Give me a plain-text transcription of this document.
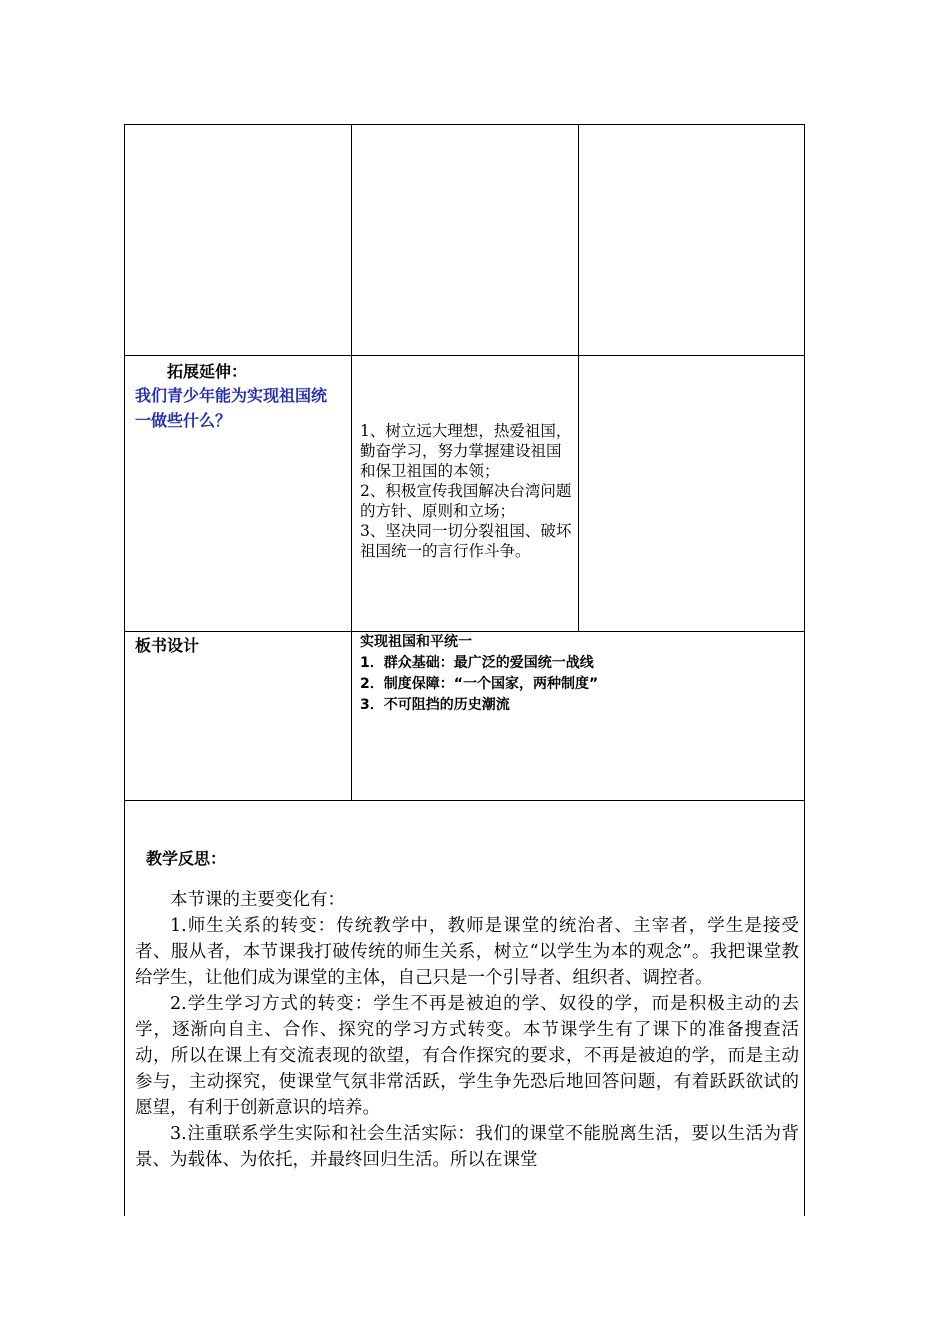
拓展延伸：
我们青少年能为实现祖国统一做些什么？
1、树立远大理想，热爱祖国，勤奋学习，努力掌握建设祖国和保卫祖国的本领；
2、积极宣传我国解决台湾问题的方针、原则和立场；
3、坚决同一切分裂祖国、破坏祖国统一的言行作斗争。
板书设计	实现祖国和平统一
1．群众基础：最广泛的爱国统一战线
2．制度保障：“一个国家，两种制度”
3．不可阻挡的历史潮流
教学反思：

本节课的主要变化有：

1.师生关系的转变：传统教学中，教师是课堂的统治者、主宰者，学生是接受者、服从者，本节课我打破传统的师生关系，树立“以学生为本的观念”。我把课堂教给学生，让他们成为课堂的主体，自己只是一个引导者、组织者、调控者。

2.学生学习方式的转变：学生不再是被迫的学、奴役的学，而是积极主动的去学，逐渐向自主、合作、探究的学习方式转变。本节课学生有了课下的准备搜查活动，所以在课上有交流表现的欲望，有合作探究的要求，不再是被迫的学，而是主动参与，主动探究，使课堂气氛非常活跃，学生争先恐后地回答问题，有着跃跃欲试的愿望，有利于创新意识的培养。

3.注重联系学生实际和社会生活实际：我们的课堂不能脱离生活，要以生活为背景、为载体、为依托，并最终回归生活。所以在课堂
